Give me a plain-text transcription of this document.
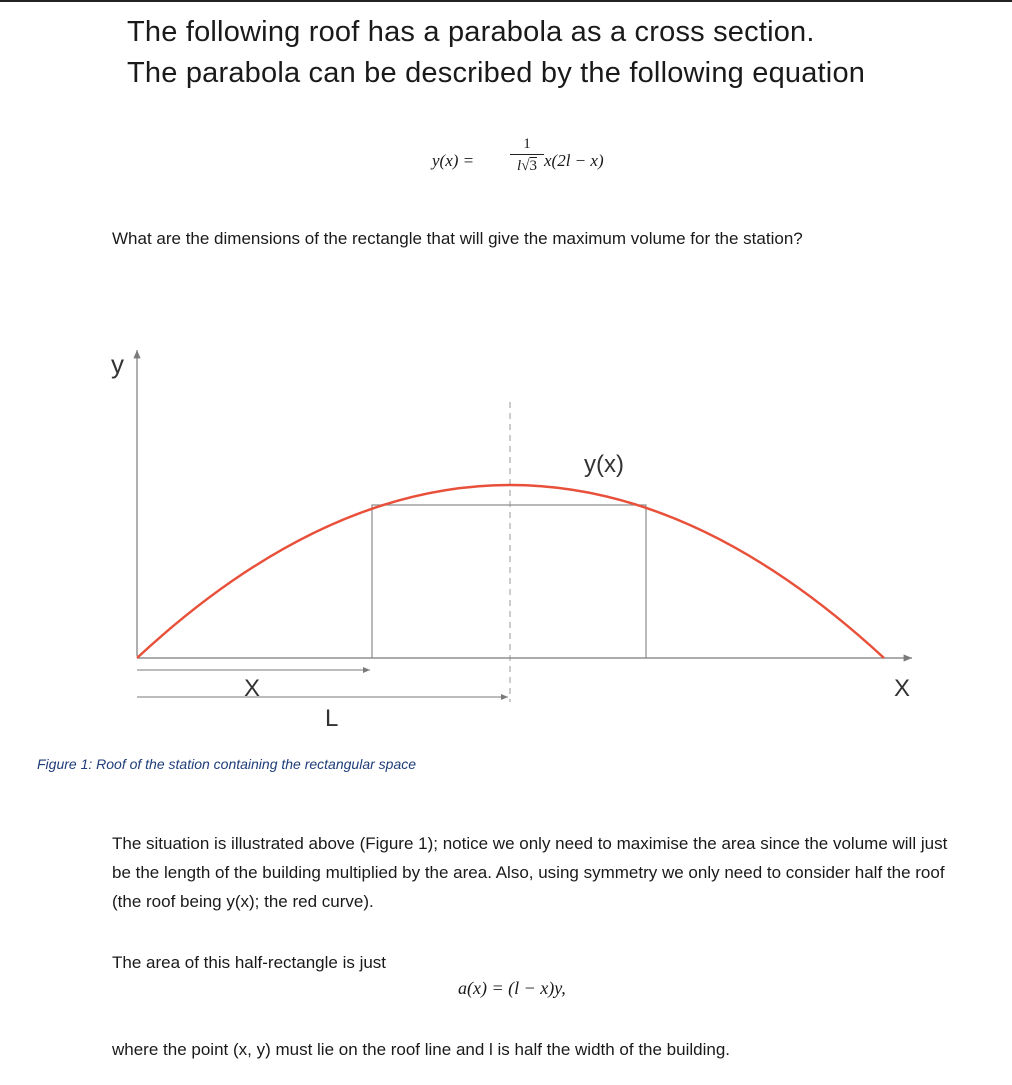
The following roof has a parabola as a cross section.
The parabola can be described by the following equation
y(x) =
1
l√3 x(2l − x)
What are the dimensions of the rectangle that will give the maximum volume for the station?
y
y(x)
X
L
X
Figure 1: Roof of the station containing the rectangular space
The situation is illustrated above (Figure 1); notice we only need to maximise the area since the volume will just be the length of the building multiplied by the area. Also, using symmetry we only need to consider half the roof (the roof being y(x); the red curve).
The area of this half-rectangle is just
a(x) = (l − x)y,
where the point (x, y) must lie on the roof line and l is half the width of the building.
